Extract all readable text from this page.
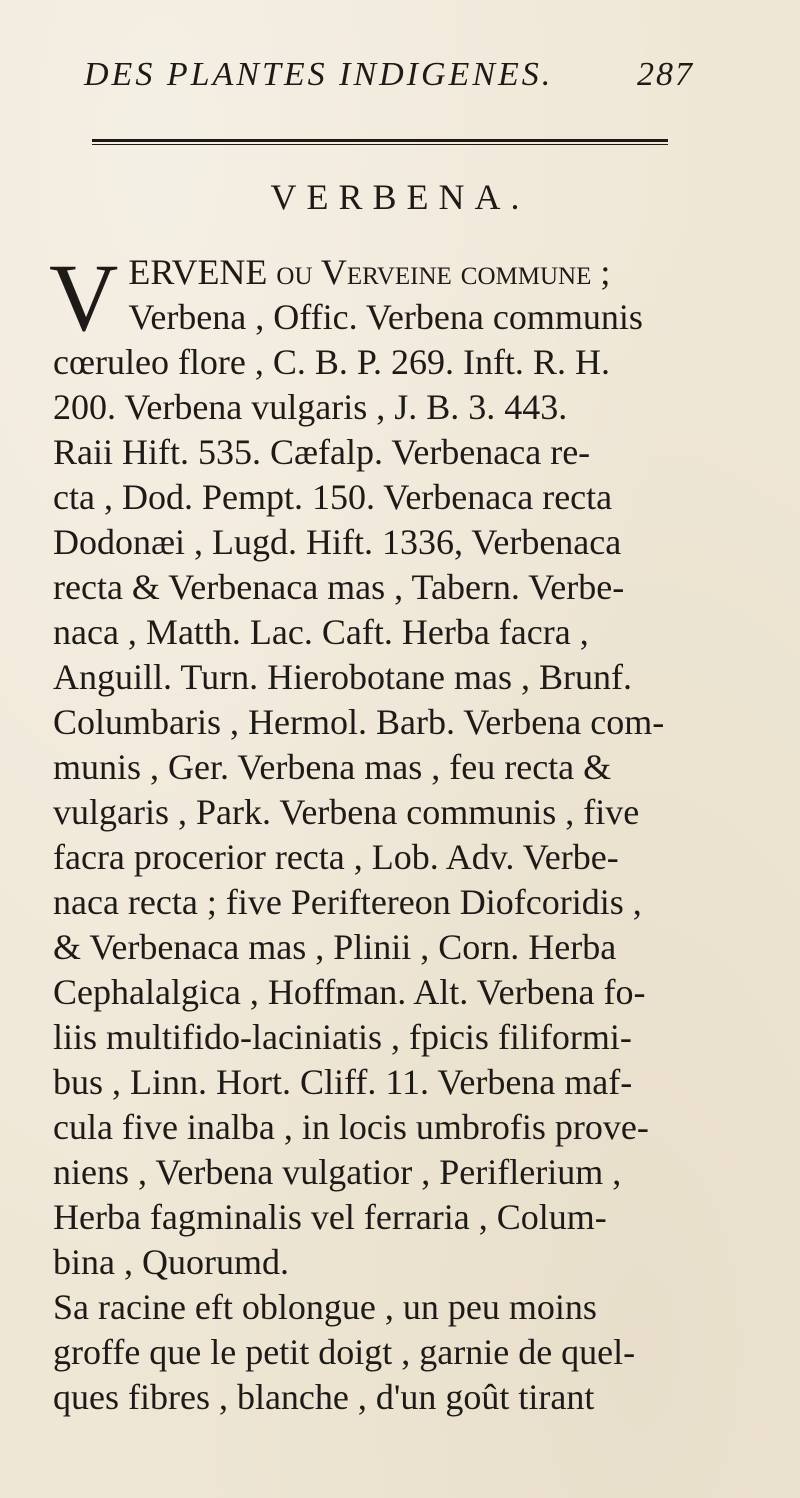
DES PLANTES INDIGENES. 287
VERBENA.
V ERVENE ou Verveine commune ;
Verbena , Offic. Verbena communis
cœruleo flore , C. B. P. 269. Inft. R. H.
200. Verbena vulgaris , J. B. 3. 443.
Raii Hift. 535. Cæfalp. Verbenaca re-
cta , Dod. Pempt. 150. Verbenaca recta
Dodonæi , Lugd. Hift. 1336, Verbenaca
recta & Verbenaca mas , Tabern. Verbe-
naca , Matth. Lac. Caft. Herba facra ,
Anguill. Turn. Hierobotane mas , Brunf.
Columbaris , Hermol. Barb. Verbena com-
munis , Ger. Verbena mas , feu recta &
vulgaris , Park. Verbena communis , five
facra procerior recta , Lob. Adv. Verbe-
naca recta ; five Periftereon Diofcoridis ,
& Verbenaca mas , Plinii , Corn. Herba
Cephalalgica , Hoffman. Alt. Verbena fo-
liis multifido-laciniatis , fpicis filiformi-
bus , Linn. Hort. Cliff. 11. Verbena maf-
cula five inalba , in locis umbrofis prove-
niens , Verbena vulgatior , Periflerium ,
Herba fagminalis vel ferraria , Colum-
bina , Quorumd.
Sa racine eft oblongue , un peu moins
groffe que le petit doigt , garnie de quel-
ques fibres , blanche , d'un goût tirant
